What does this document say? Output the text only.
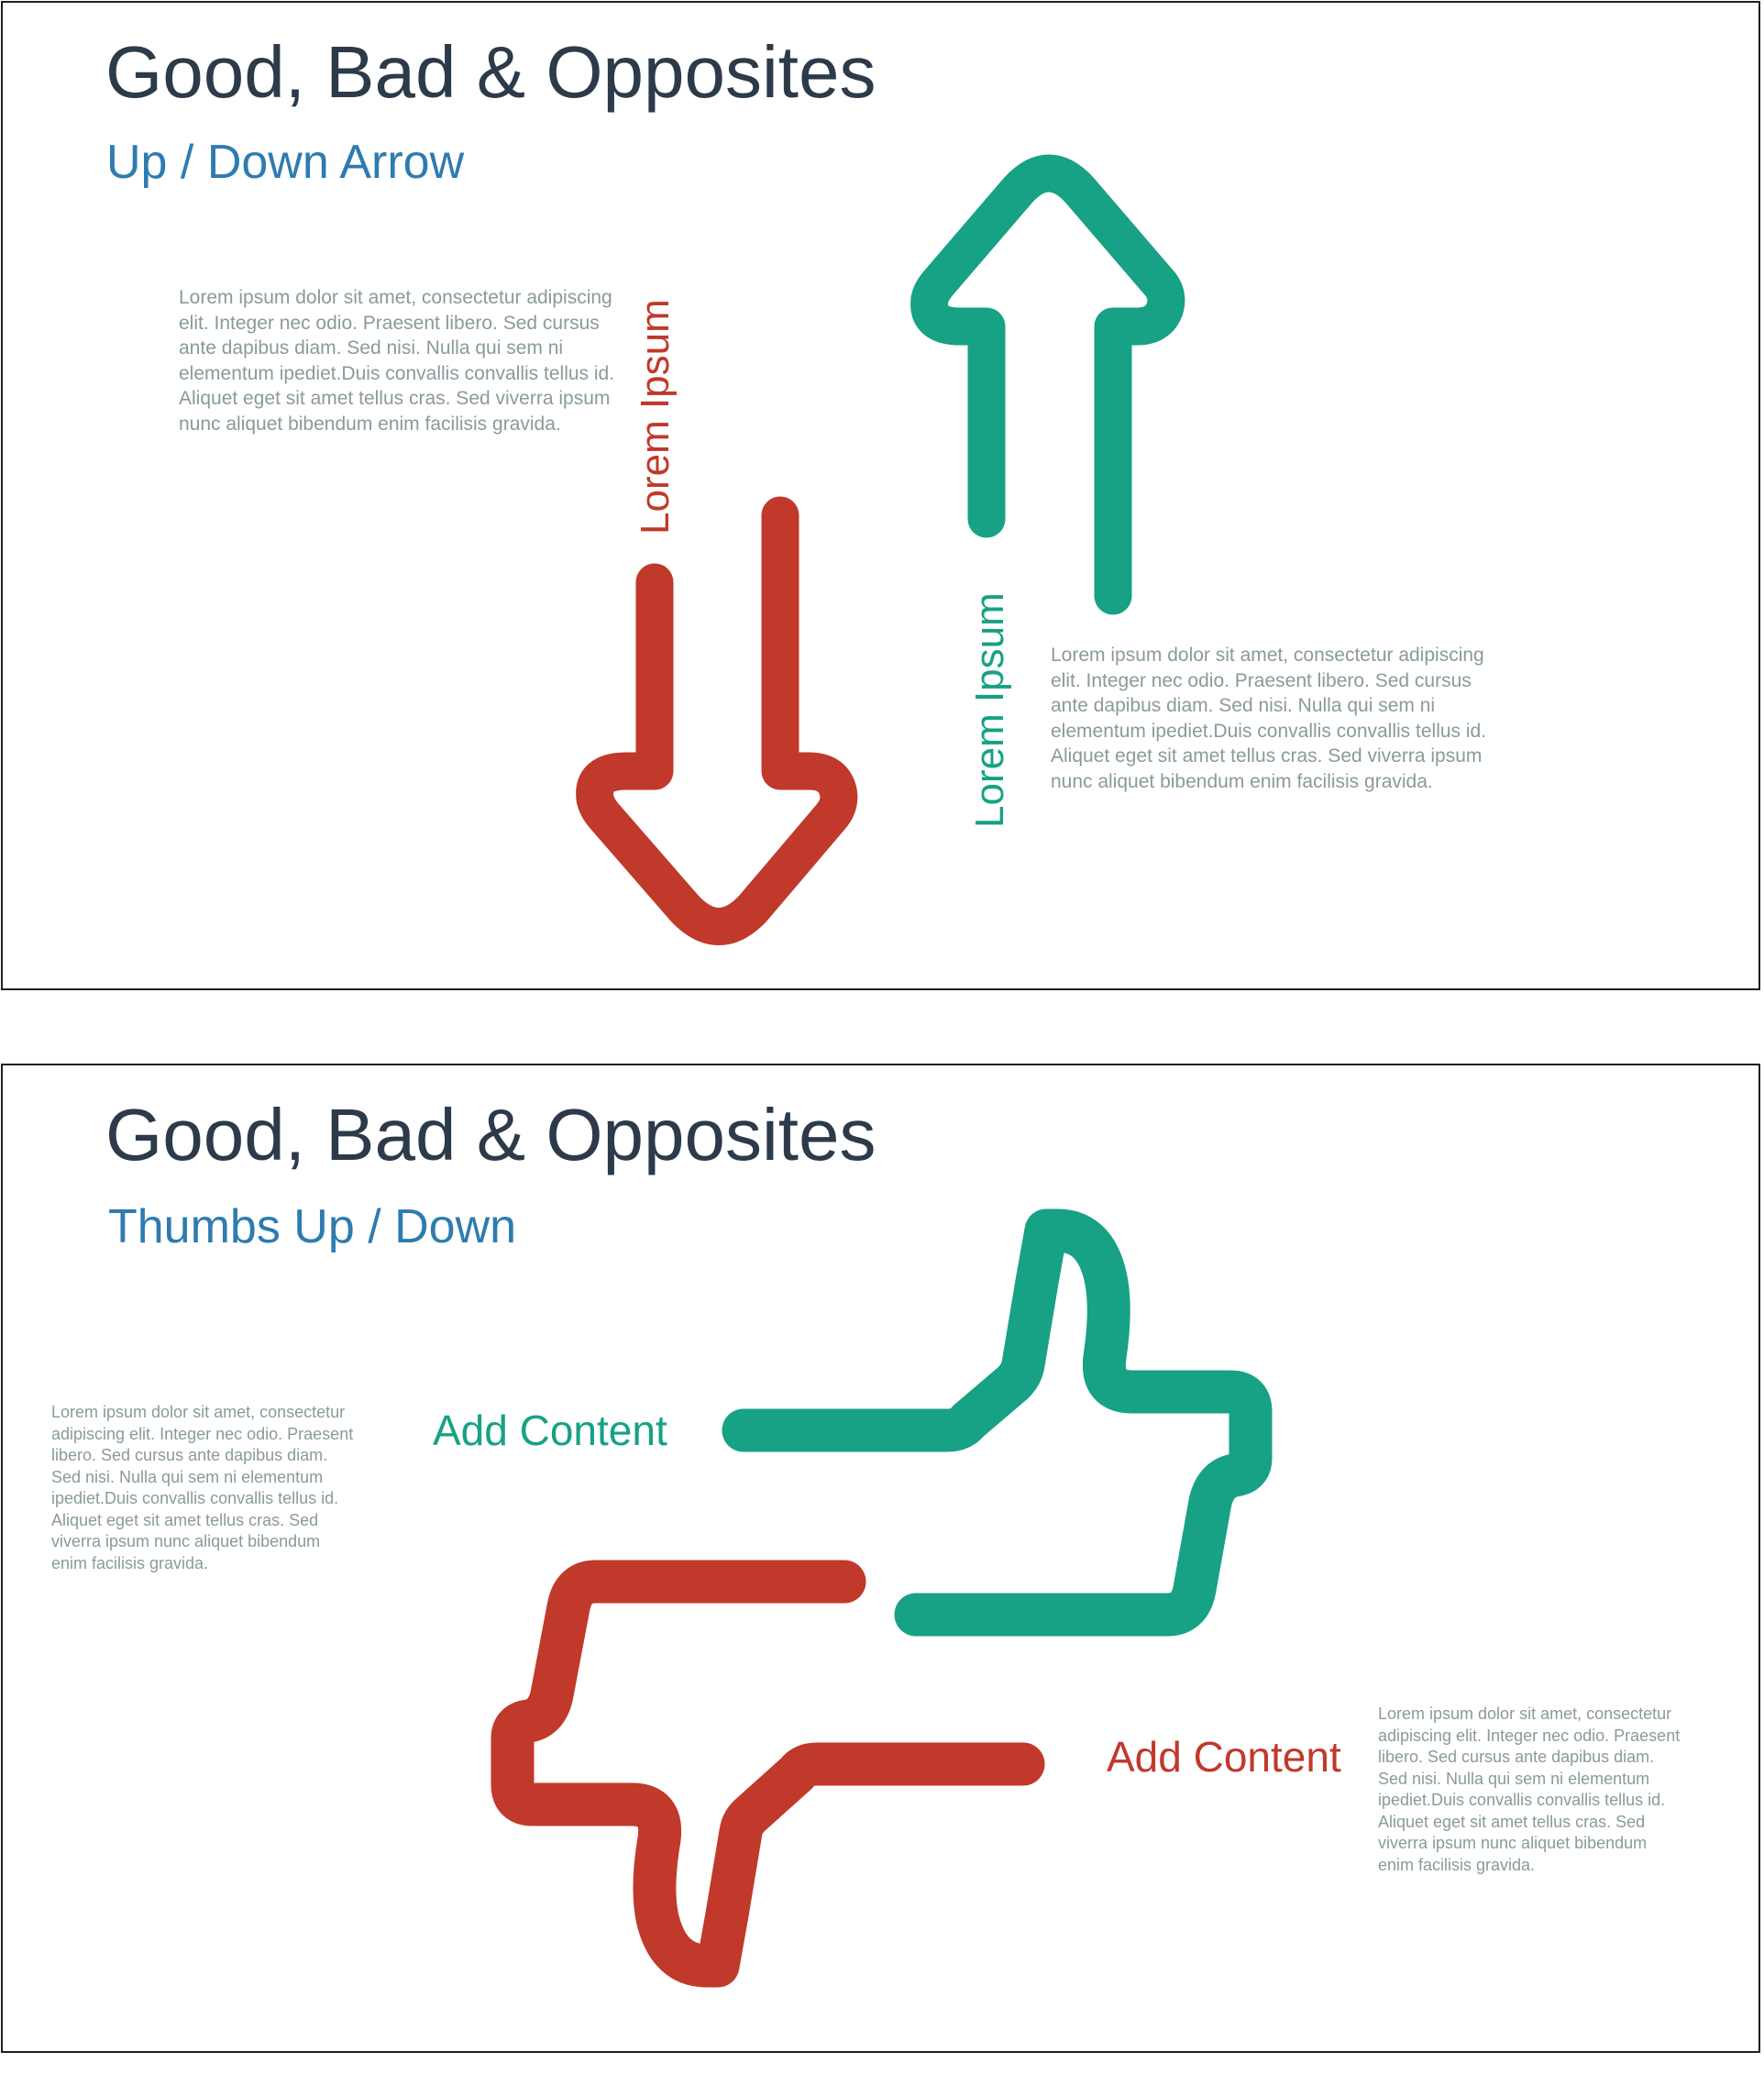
Good, Bad & Opposites
Up / Down Arrow
Lorem ipsum dolor sit amet, consectetur adipiscing elit. Integer nec odio. Praesent libero. Sed cursus ante dapibus diam. Sed nisi. Nulla qui sem ni elementum ipediet.Duis convallis convallis tellus id. Aliquet eget sit amet tellus cras. Sed viverra ipsum nunc aliquet bibendum enim facilisis gravida.	Lorem Ipsum
Lorem Ipsum Lorem ipsum dolor sit amet, consectetur adipiscing elit. Integer nec odio. Praesent libero. Sed cursus ante dapibus diam. Sed nisi. Nulla qui sem ni elementum ipediet.Duis convallis convallis tellus id. Aliquet eget sit amet tellus cras. Sed viverra ipsum nunc aliquet bibendum enim facilisis gravida.
Good, Bad & Opposites
Thumbs Up / Down
Lorem ipsum dolor sit amet, consectetur adipiscing elit. Integer nec odio. Praesent libero. Sed cursus ante dapibus diam. Sed nisi. Nulla qui sem ni elementum ipediet.Duis convallis convallis tellus id. Aliquet eget sit amet tellus cras. Sed viverra ipsum nunc aliquet bibendum enim facilisis gravida.
Add Content
Add Content
Lorem ipsum dolor sit amet, consectetur adipiscing elit. Integer nec odio. Praesent libero. Sed cursus ante dapibus diam. Sed nisi. Nulla qui sem ni elementum ipediet.Duis convallis convallis tellus id. Aliquet eget sit amet tellus cras. Sed viverra ipsum nunc aliquet bibendum enim facilisis gravida.
